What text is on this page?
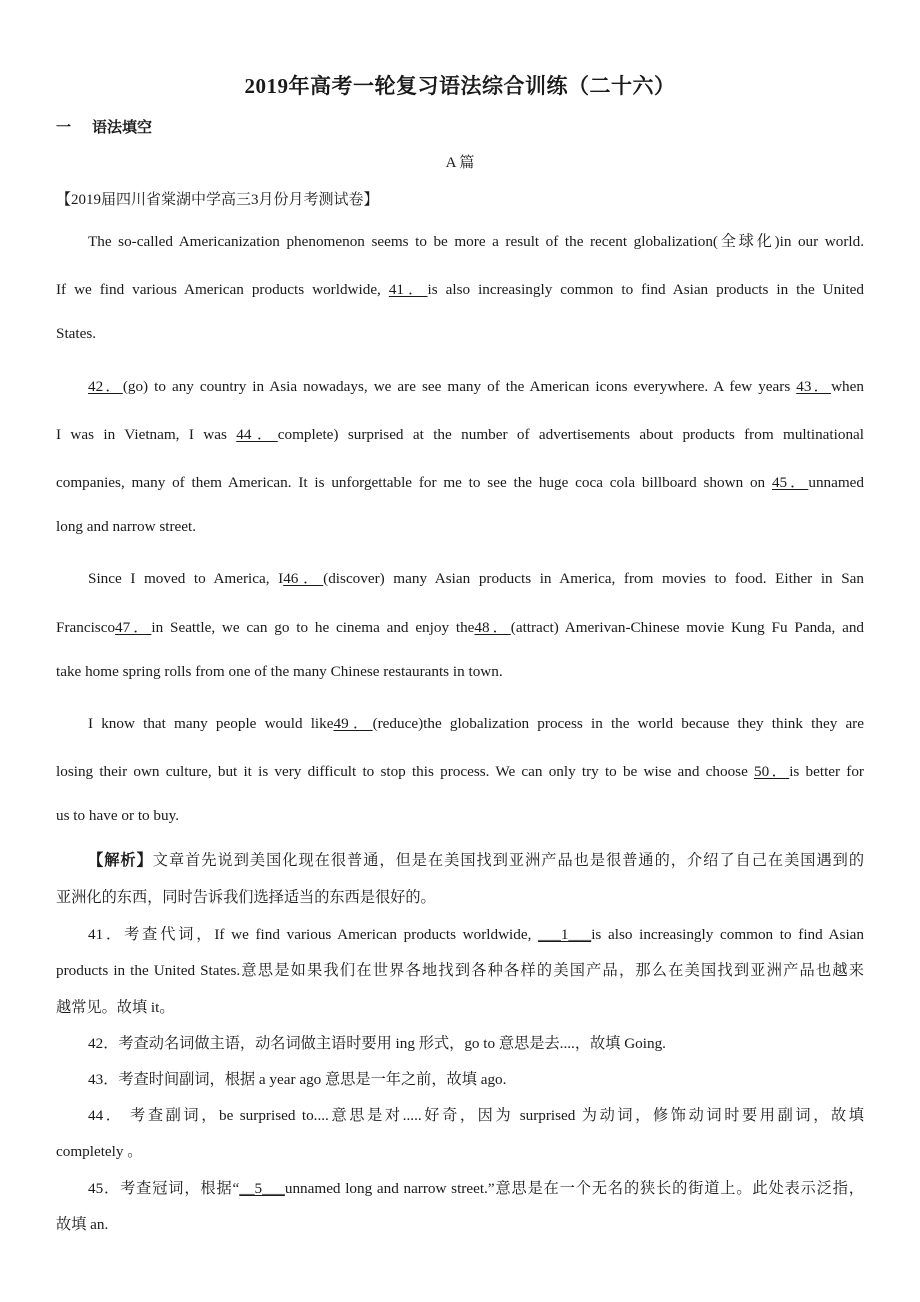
2019年高考一轮复习语法综合训练（二十六）
一 语法填空
A 篇
【2019届四川省棠湖中学高三3月份月考测试卷】
The so-called Americanization phenomenon seems to be more a result of the recent globalization(全球化)in our world.
If we find various American products worldwide, 41．is also increasingly common to find Asian products in the United
States.
42．(go) to any country in Asia nowadays, we are see many of the American icons everywhere. A few years 43．when
I was in Vietnam, I was 44．complete) surprised at the number of advertisements about products from multinational
companies, many of them American. It is unforgettable for me to see the huge coca cola billboard shown on 45．unnamed
long and narrow street.
Since I moved to America, I46．(discover) many Asian products in America, from movies to food. Either in San
Francisco47．in Seattle, we can go to he cinema and enjoy the48．(attract) Amerivan-Chinese movie Kung Fu Panda, and
take home spring rolls from one of the many Chinese restaurants in town.
I know that many people would like49．(reduce)the globalization process in the world because they think they are
losing their own culture, but it is very difficult to stop this process. We can only try to be wise and choose 50．is better for
us to have or to buy.
【解析】文章首先说到美国化现在很普通，但是在美国找到亚洲产品也是很普通的，介绍了自己在美国遇到的
亚洲化的东西，同时告诉我们选择适当的东西是很好的。
41．考查代词，If we find various American products worldwide, ___1___is also increasingly common to find Asian
products in the United States.意思是如果我们在世界各地找到各种各样的美国产品，那么在美国找到亚洲产品也越来
越常见。故填 it。
42．考查动名词做主语，动名词做主语时要用 ing 形式，go to 意思是去....，故填 Going.
43．考查时间副词，根据 a year ago 意思是一年之前，故填 ago.
44． 考查副词，be surprised to....意思是对.....好奇，因为 surprised 为动词，修饰动词时要用副词，故填
completely 。
45．考查冠词，根据“__5___unnamed long and narrow street.”意思是在一个无名的狭长的街道上。此处表示泛指，
故填 an.
